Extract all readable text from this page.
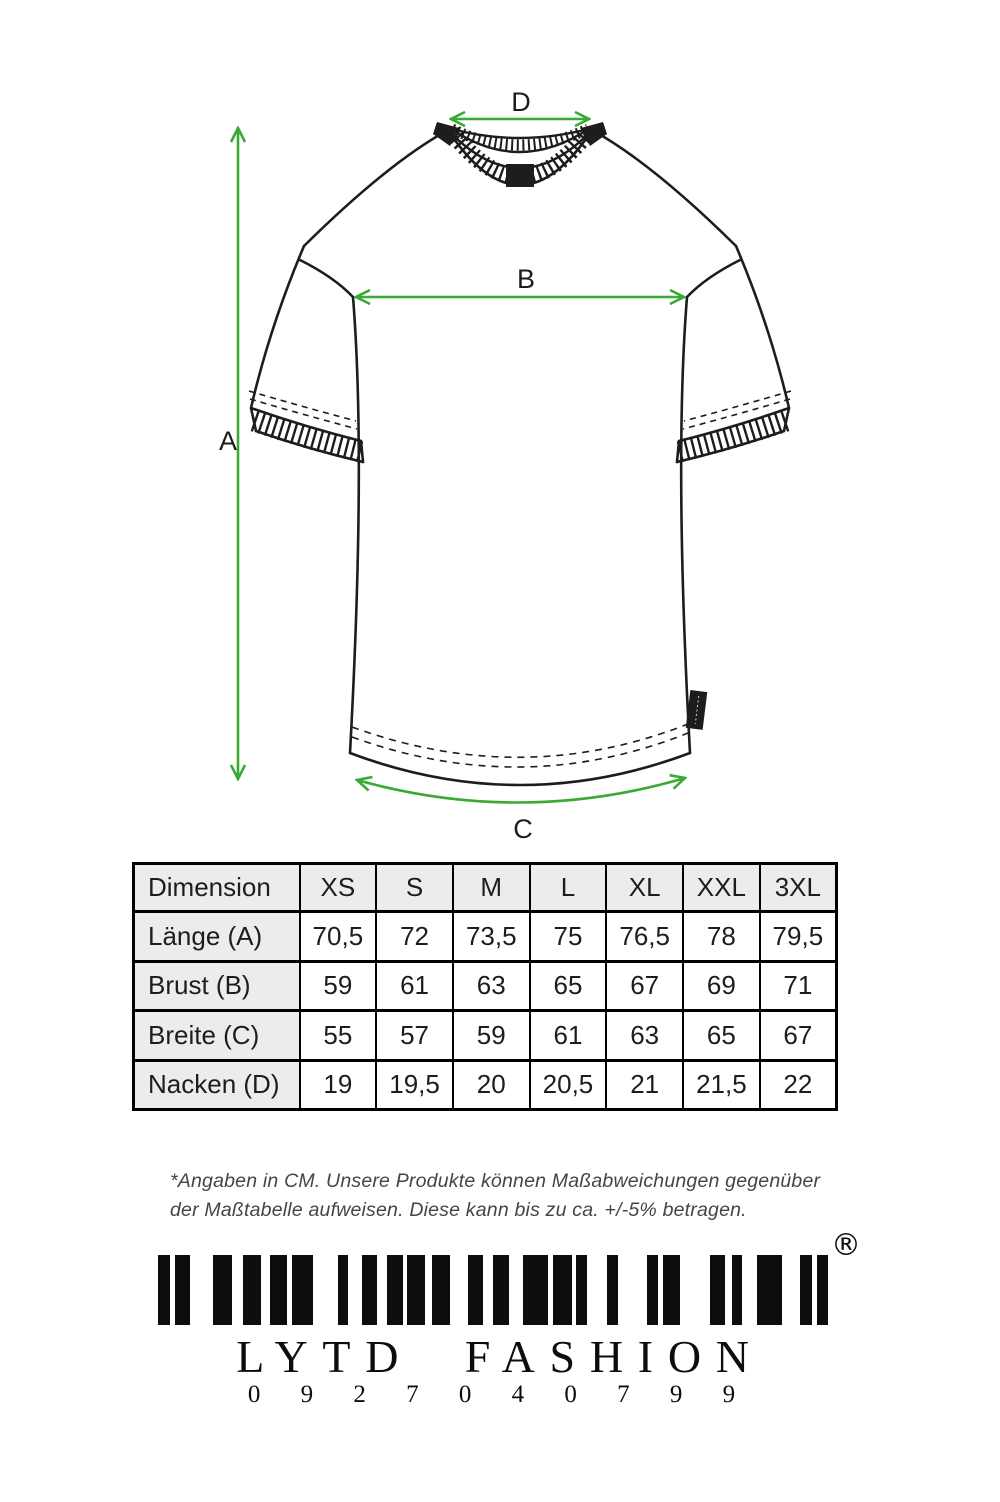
A
B
C
D
Dimension	XS	S	M	L	XL	XXL	3XL
Länge (A)	70,5	72	73,5	75	76,5	78	79,5
Brust (B)	59	61	63	65	67	69	71
Breite (C)	55	57	59	61	63	65	67
Nacken (D)	19	19,5	20	20,5	21	21,5	22
*Angaben in CM. Unsere Produkte können Maßabweichungen gegenüber
der Maßtabelle aufweisen. Diese kann bis zu ca. +/-5% betragen.
®
LYTD FASHION
0 9 2 7 0 4 0 7 9 9
